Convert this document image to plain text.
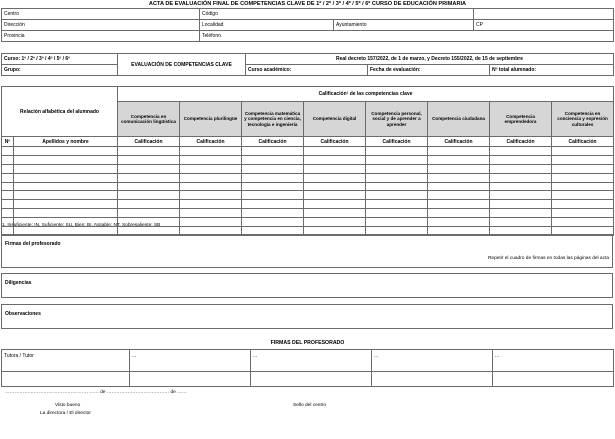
ACTA DE EVALUACIÓN FINAL DE COMPETENCIAS CLAVE DE 1º / 2º / 3º / 4º / 5º / 6º CURSO DE EDUCACIÓN PRIMARIA
Centro	Código		
Dirección	Localidad	Ayuntamiento	CP
Provincia	Teléfono		
Curso: 1º / 2º / 3º / 4º / 5º / 6º	EVALUACIÓN DE COMPETENCIAS CLAVE	Real decreto 157/2022, de 1 de marzo, y Decreto 155/2022, de 15 de septiembre		
Grupo:		Curso académico:	Fecha de evaluación:	Nº total alumnado:
Relación alfabética del alumnado		Calificación¹ de las competencias clave							
		Competencia en comunicación lingüística	Competencia plurilingüe	Competencia matemática y competencia en ciencia, tecnología e ingeniería	Competencia digital	Competencia personal, social y de aprender a aprender	Competencia ciudadana	Competencia emprendedora	Competencia en conciencia y expresión culturales
Nº	Apellidos y nombre	Calificación	Calificación	Calificación	Calificación	Calificación	Calificación	Calificación	Calificación

1. Insuficiente: IN, Suficiente: SU, Bien: BI, Notable: NT, Sobresaliente: SB
Firmas del profesorado
Repetir el cuadro de firmas en todas las páginas del acta
Diligencias
Observaciones
FIRMAS DEL PROFESORADO
Tutora / Tutor	...	...	...	...

……………………………………………, …… de ………………………………… de ……
Visto bueno
La directora / El director
Sello del centro
